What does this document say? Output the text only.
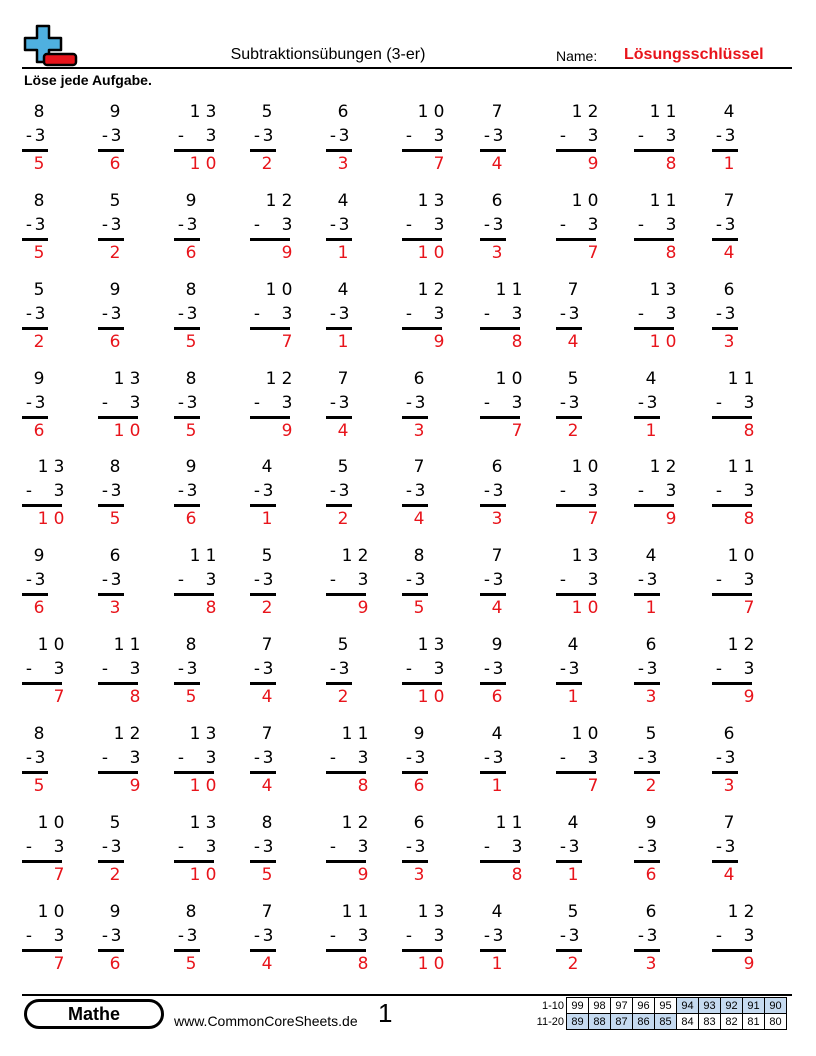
Subtraktionsübungen (3-er)	Name: Lösungsschlüssel
Löse jede Aufgabe.
8
- 3
5
9
- 3
6
1 3
- 3
1 0
5
- 3
2
6
- 3
3
1 0
- 3
7
7
- 3
4
1 2
- 3
9
1 1
- 3
8
4
- 3
1
8
- 3
5
5
- 3
2
9
- 3
6
1 2
- 3
9
4
- 3
1
1 3
- 3
1 0
6
- 3
3
1 0
- 3
7
1 1
- 3
8
7
- 3
4
5
- 3
2
9
- 3
6
8
- 3
5
1 0
- 3
7
4
- 3
1
1 2
- 3
9
1 1
- 3
8
7
- 3
4
1 3
- 3
1 0
6
- 3
3
9
- 3
6
1 3
- 3
1 0
8
- 3
5
1 2
- 3
9
7
- 3
4
6
- 3
3
1 0
- 3
7
5
- 3
2
4
- 3
1
1 1
- 3
8
1 3
- 3
1 0
8
- 3
5
9
- 3
6
4
- 3
1
5
- 3
2
7
- 3
4
6
- 3
3
1 0
- 3
7
1 2
- 3
9
1 1
- 3
8
9
- 3
6
6
- 3
3
1 1
- 3
8
5
- 3
2
1 2
- 3
9
8
- 3
5
7
- 3
4
1 3
- 3
1 0
4
- 3
1
1 0
- 3
7
1 0
- 3
7
1 1
- 3
8
8
- 3
5
7
- 3
4
5
- 3
2
1 3
- 3
1 0
9
- 3
6
4
- 3
1
6
- 3
3
1 2
- 3
9
8
- 3
5
1 2
- 3
9
1 3
- 3
1 0
7
- 3
4
1 1
- 3
8
9
- 3
6
4
- 3
1
1 0
- 3
7
5
- 3
2
6
- 3
3
1 0
- 3
7
5
- 3
2
1 3
- 3
1 0
8
- 3
5
1 2
- 3
9
6
- 3
3
1 1
- 3
8
4
- 3
1
9
- 3
6
7
- 3
4
1 0
- 3
7
9
- 3
6
8
- 3
5
7
- 3
4
1 1
- 3
8
1 3
- 3
1 0
4
- 3
1
5
- 3
2
6
- 3
3
1 2
- 3
9
Mathe	www.CommonCoreSheets.de 1	1-10	99	98	97	96	95	94	93	92	91	90
11-20	89	88	87	86	85	84	83	82	81	80
